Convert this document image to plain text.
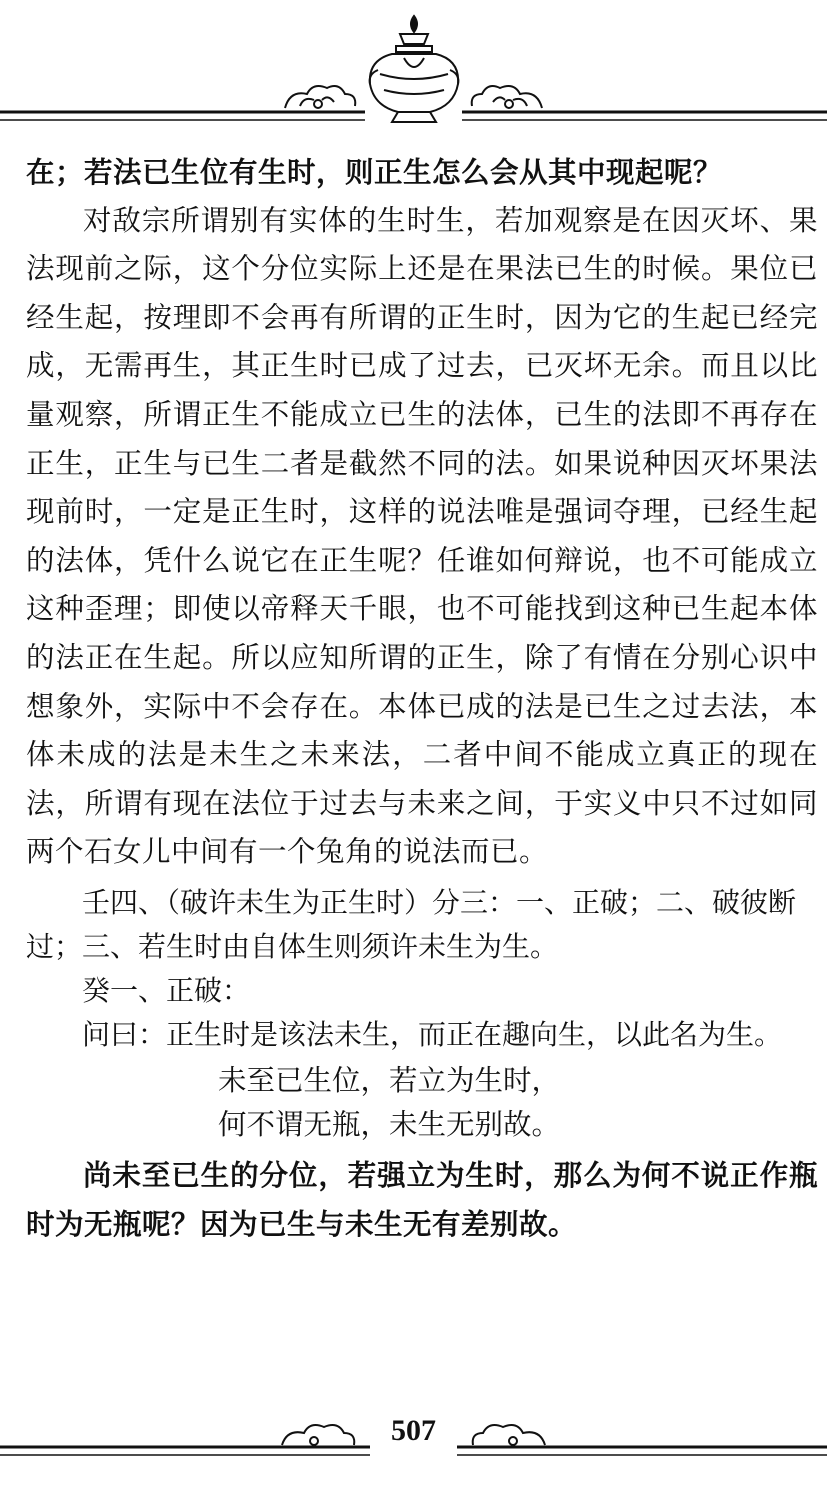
在；若法已生位有生时，则正生怎么会从其中现起呢？

对敌宗所谓别有实体的生时生，若加观察是在因灭坏、果法现前之际，这个分位实际上还是在果法已生的时候。果位已经生起，按理即不会再有所谓的正生时，因为它的生起已经完成，无需再生，其正生时已成了过去，已灭坏无余。而且以比量观察，所谓正生不能成立已生的法体，已生的法即不再存在正生，正生与已生二者是截然不同的法。如果说种因灭坏果法现前时，一定是正生时，这样的说法唯是强词夺理，已经生起的法体，凭什么说它在正生呢？任谁如何辩说，也不可能成立这种歪理；即使以帝释天千眼，也不可能找到这种已生起本体的法正在生起。所以应知所谓的正生，除了有情在分别心识中想象外，实际中不会存在。本体已成的法是已生之过去法，本体未成的法是未生之未来法，二者中间不能成立真正的现在法，所谓有现在法位于过去与未来之间，于实义中只不过如同两个石女儿中间有一个兔角的说法而已。

壬四、（破许未生为正生时）分三：一、正破；二、破彼断过；三、若生时由自体生则须许未生为生。

癸一、正破：

问曰：正生时是该法未生，而正在趣向生，以此名为生。

未至已生位，若立为生时，

何不谓无瓶，未生无别故。

尚未至已生的分位，若强立为生时，那么为何不说正作瓶时为无瓶呢？因为已生与未生无有差别故。

507
